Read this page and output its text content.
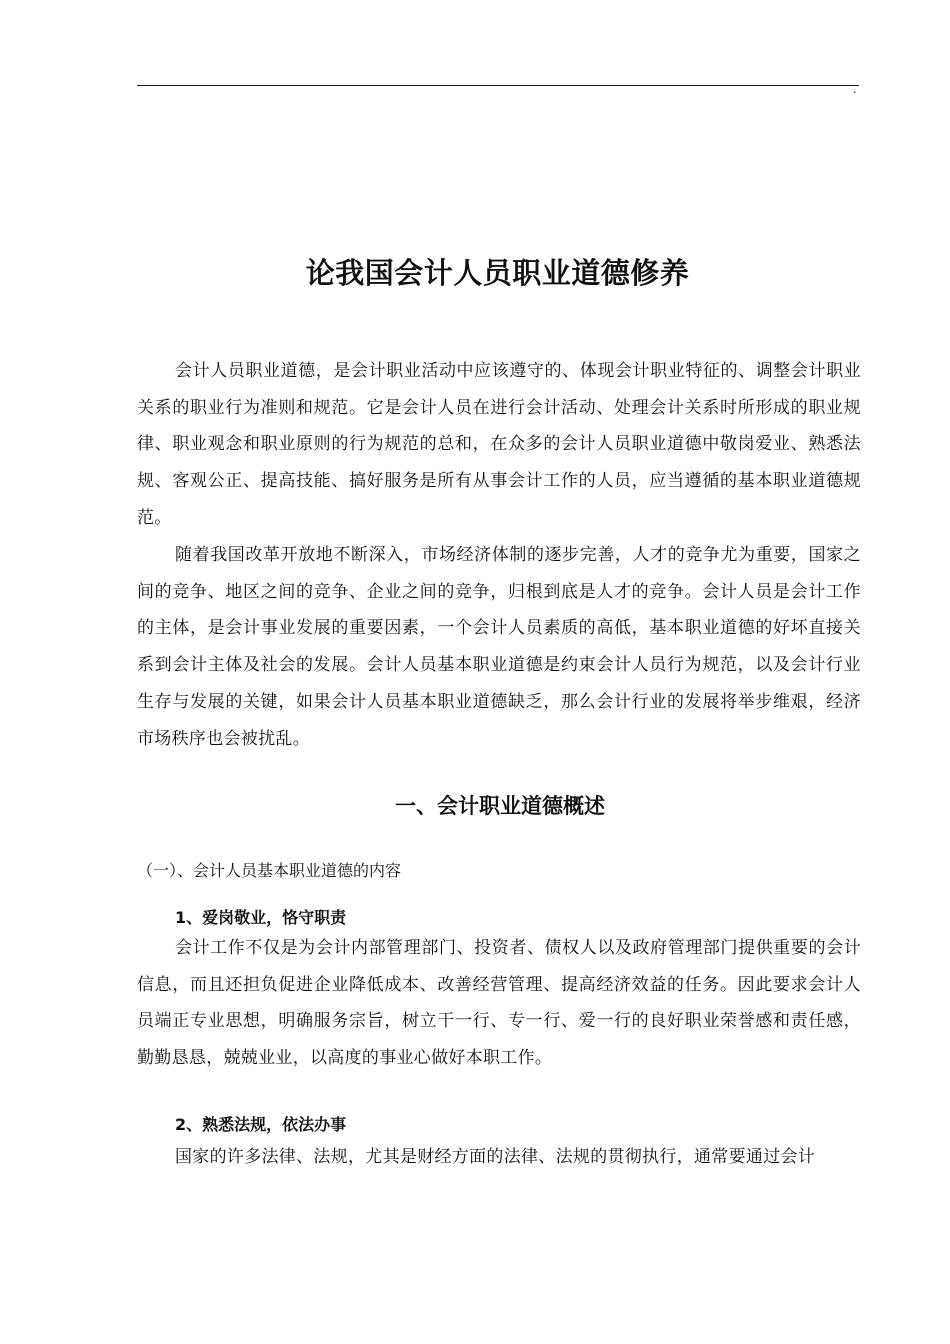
.
论我国会计人员职业道德修养

会计人员职业道德，是会计职业活动中应该遵守的、体现会计职业特征的、调整会计职业关系的职业行为准则和规范。它是会计人员在进行会计活动、处理会计关系时所形成的职业规律、职业观念和职业原则的行为规范的总和，在众多的会计人员职业道德中敬岗爱业、熟悉法规、客观公正、提高技能、搞好服务是所有从事会计工作的人员，应当遵循的基本职业道德规范。

随着我国改革开放地不断深入，市场经济体制的逐步完善，人才的竞争尤为重要，国家之间的竞争、地区之间的竞争、企业之间的竞争，归根到底是人才的竞争。会计人员是会计工作的主体，是会计事业发展的重要因素，一个会计人员素质的高低，基本职业道德的好坏直接关系到会计主体及社会的发展。会计人员基本职业道德是约束会计人员行为规范，以及会计行业生存与发展的关键，如果会计人员基本职业道德缺乏，那么会计行业的发展将举步维艰，经济市场秩序也会被扰乱。

一、会计职业道德概述
（一）、会计人员基本职业道德的内容
1、爱岗敬业，恪守职责

会计工作不仅是为会计内部管理部门、投资者、债权人以及政府管理部门提供重要的会计信息，而且还担负促进企业降低成本、改善经营管理、提高经济效益的任务。因此要求会计人员端正专业思想，明确服务宗旨，树立干一行、专一行、爱一行的良好职业荣誉感和责任感，勤勤恳恳，兢兢业业，以高度的事业心做好本职工作。

2、熟悉法规，依法办事

国家的许多法律、法规，尤其是财经方面的法律、法规的贯彻执行，通常要通过会计
